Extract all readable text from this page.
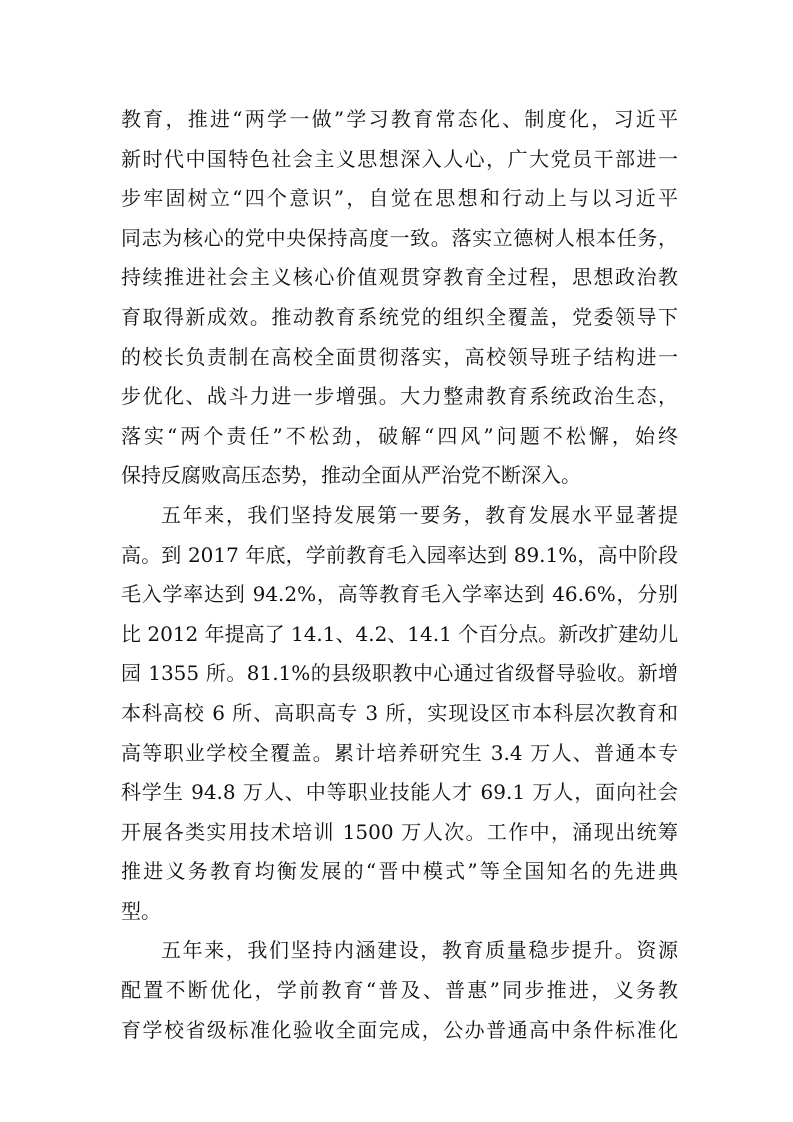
教育，推进“两学一做”学习教育常态化、制度化，习近平
新时代中国特色社会主义思想深入人心，广大党员干部进一
步牢固树立“四个意识”，自觉在思想和行动上与以习近平
同志为核心的党中央保持高度一致。落实立德树人根本任务，
持续推进社会主义核心价值观贯穿教育全过程，思想政治教
育取得新成效。推动教育系统党的组织全覆盖，党委领导下
的校长负责制在高校全面贯彻落实，高校领导班子结构进一
步优化、战斗力进一步增强。大力整肃教育系统政治生态，
落实“两个责任”不松劲，破解“四风”问题不松懈，始终
保持反腐败高压态势，推动全面从严治党不断深入。
五年来，我们坚持发展第一要务，教育发展水平显著提
高。到 2017 年底，学前教育毛入园率达到 89.1%，高中阶段
毛入学率达到 94.2%，高等教育毛入学率达到 46.6%，分别
比 2012 年提高了 14.1、4.2、14.1 个百分点。新改扩建幼儿
园 1355 所。81.1%的县级职教中心通过省级督导验收。新增
本科高校 6 所、高职高专 3 所，实现设区市本科层次教育和
高等职业学校全覆盖。累计培养研究生 3.4 万人、普通本专
科学生 94.8 万人、中等职业技能人才 69.1 万人，面向社会
开展各类实用技术培训 1500 万人次。工作中，涌现出统筹
推进义务教育均衡发展的“晋中模式”等全国知名的先进典
型。
五年来，我们坚持内涵建设，教育质量稳步提升。资源
配置不断优化，学前教育“普及、普惠”同步推进，义务教
育学校省级标准化验收全面完成，公办普通高中条件标准化
